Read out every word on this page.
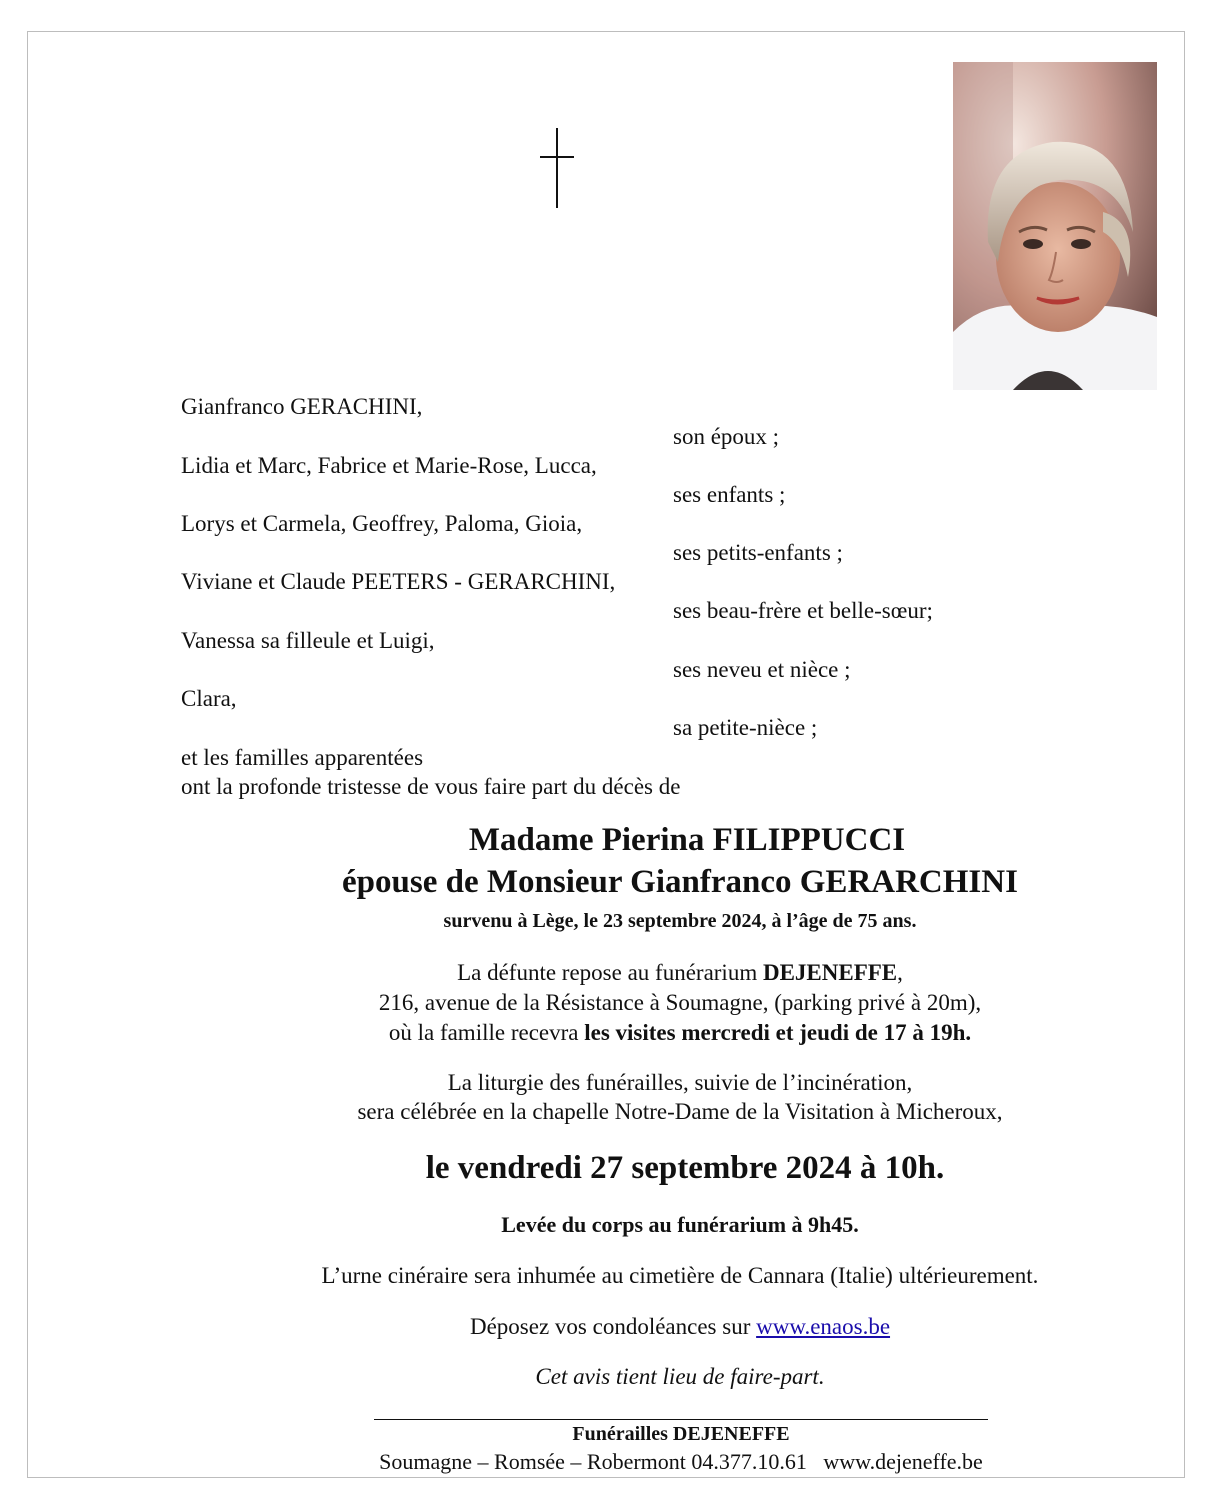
Gianfranco GERACHINI,
son époux ;
Lidia et Marc, Fabrice et Marie-Rose, Lucca,
ses enfants ;
Lorys et Carmela, Geoffrey, Paloma, Gioia,
ses petits-enfants ;
Viviane et Claude PEETERS - GERARCHINI,
ses beau-frère et belle-sœur;
Vanessa sa filleule et Luigi,
ses neveu et nièce ;
Clara,
sa petite-nièce ;
et les familles apparentées
ont la profonde tristesse de vous faire part du décès de
Madame Pierina FILIPPUCCI
épouse de Monsieur Gianfranco GERARCHINI
survenu à Lège, le 23 septembre 2024, à l’âge de 75 ans.
La défunte repose au funérarium DEJENEFFE,
216, avenue de la Résistance à Soumagne, (parking privé à 20m),
où la famille recevra les visites mercredi et jeudi de 17 à 19h.
La liturgie des funérailles, suivie de l’incinération,
sera célébrée en la chapelle Notre-Dame de la Visitation à Micheroux,
le vendredi 27 septembre 2024 à 10h.
Levée du corps au funérarium à 9h45.
L’urne cinéraire sera inhumée au cimetière de Cannara (Italie) ultérieurement.
Déposez vos condoléances sur www.enaos.be
Cet avis tient lieu de faire-part.
Funérailles DEJENEFFE
Soumagne – Romsée – Robermont 04.377.10.61   www.dejeneffe.be
